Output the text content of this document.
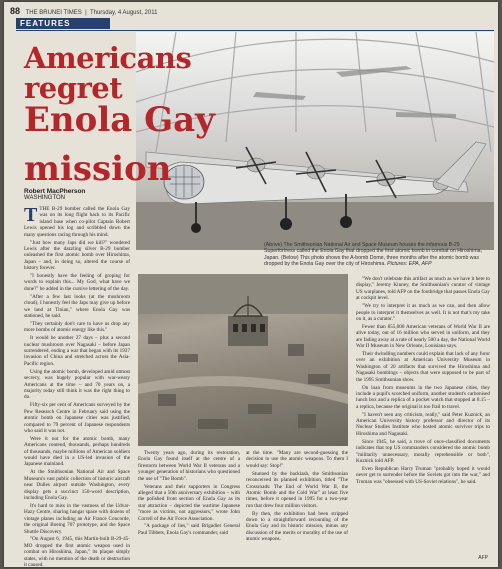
88 THE BRUNEI TIMES  |  Thursday, 4 August, 2011
FEATURES
Americans regret
Enola Gay
mission
Robert MacPherson
WASHINGTON

TTHE B-29 bomber called the Enola Gay was on its long flight back to its Pacific island base when co-pilot Captain Robert Lewis opened his log and scribbled down the many questions racing through his mind.

"Just how many Japs did we kill?" wondered Lewis after the dazzling silver B-29 bomber unleashed the first atomic bomb over Hiroshima, Japan – and, in doing so, altered the course of history forever.

"I honestly have the feeling of groping for words to explain this... My God, what have we done?" he added in the cursive lettering of the day.

"After a few last looks (at the mushroom cloud), I honestly feel the Japs may give up before we land at Tinian," where Enola Gay was stationed, he said.

"They certainly don't care to have us drop any more bombs of atomic energy like this."

It would be another 27 days – plus a second nuclear mushroom over Nagasaki – before Japan surrendered, ending a war that began with its 1937 invasion of China and stretched across the Asia-Pacific region.

Using the atomic bomb, developed amid utmost secrecy, was hugely popular with war-weary Americans at the time – and 70 years on, a majority today still think it was the right thing to do.

Fifty-six per cent of Americans surveyed by the Pew Research Centre in February said using the atomic bomb on Japanese cities was justified, compared to 79 percent of Japanese respondents who said it was not.

Were it not for the atomic bomb, many Americans contend, thousands, perhaps hundreds of thousands, maybe millions of American soldiers would have died in a US-led invasion of the Japanese mainland.

At the Smithsonian National Air and Space Museum's vast public collection of historic aircraft near Dulles airport outside Washington, every display gets a succinct 150-word description, including Enola Gay.

It's hard to miss in the vastness of the Udvar-Hazy Centre, sharing hangar space with dozens of vintage planes including an Air France Concorde, the original Boeing 707 prototype, and the Space Shuttle Discovery.

"On August 6, 1945, this Martin-built B-29-45-MO dropped the first atomic weapon used in combat on Hiroshima, Japan," its plaque simply states, with no mention of the death or destruction it caused.

(Above) The Smithsonian National Air and Space Museum houses the infamous B-29 Superfortress called the Enola Gay that dropped the first atomic bomb in combat on Hiroshima, Japan. (Below) This photo shows the A-bomb Dome, three months after the atomic bomb was dropped by the Enola Gay over the city of Hiroshima. Pictures: EPA, AFP

Twenty years ago, during its restoration, Enola Gay found itself at the centre of a firestorm between World War II veterans and a younger generation of historians who questioned the use of "The Bomb".

Veterans and their supporters in Congress alleged that a 50th anniversary exhibition – with the polished front section of Enola Gay as its star attraction – depicted the wartime Japanese "more as victims, not aggressors," wrote John Correll of the Air Force Association.

"A package of lies," said Brigadier General Paul Tibbets, Enola Gay's commander, said

at the time. "Many are second-guessing the decision to use the atomic weapons. To them I would say: Stop!"

Stunned by the backlash, the Smithsonian reconceived its planned exhibition, titled "The Crossroads: The End of World War II, the Atomic Bomb and the Cold War" at least five times, before it opened in 1995 for a two-year run that drew four million visitors.

By then, the exhibition had been stripped down to a straightforward recounting of the Enola Gay and its historic mission, minus any discussion of the merits or morality of the use of atomic weapons.

"We don't celebrate this artifact as much as we have it here to display," Jeremy Kinney, the Smithsonian's curator of vintage US warplanes, told AFP on the footbridge that passes Enola Gay at cockpit level.

"We try to interpret it as much as we can, and then allow people to interpret it themselves as well. It is not that's my take on it, as a curator."

Fewer than 855,000 American veterans of World War II are alive today, out of 16 million who served in uniform, and they are fading away at a rate of nearly 500 a day, the National World War II Museum in New Orleans, Louisiana says.

Their dwindling numbers could explain that lack of any furor over an exhibition at American University Museum in Washington of 20 artifacts that survived the Hiroshima and Nagasaki bombings – objects that were supposed to be part of the 1995 Smithsonian show.

On loan from museums in the two Japanese cities, they include a pupil's scorched uniform, another student's carbonised lunch box and a replica of a pocket watch that stopped at 8.15 – a replica, because the original is too frail to travel.

"I haven't seen any criticism, really," said Peter Kuznick, an American University history professor and director of its Nuclear Studies Institute who hosted atomic survivor trips to Hiroshima and Nagasaki.

Since 1945, he said, a trove of once-classified documents indicates that top US commanders considered the atomic bomb "militarily unnecessary, morally reprehensible or both", Kuznick told AFP.

Even Republican Harry Truman "probably hoped it would never get to surrender before the Soviets got into the war," and Truman was "obsessed with US-Soviet relations", he said.

AFP
